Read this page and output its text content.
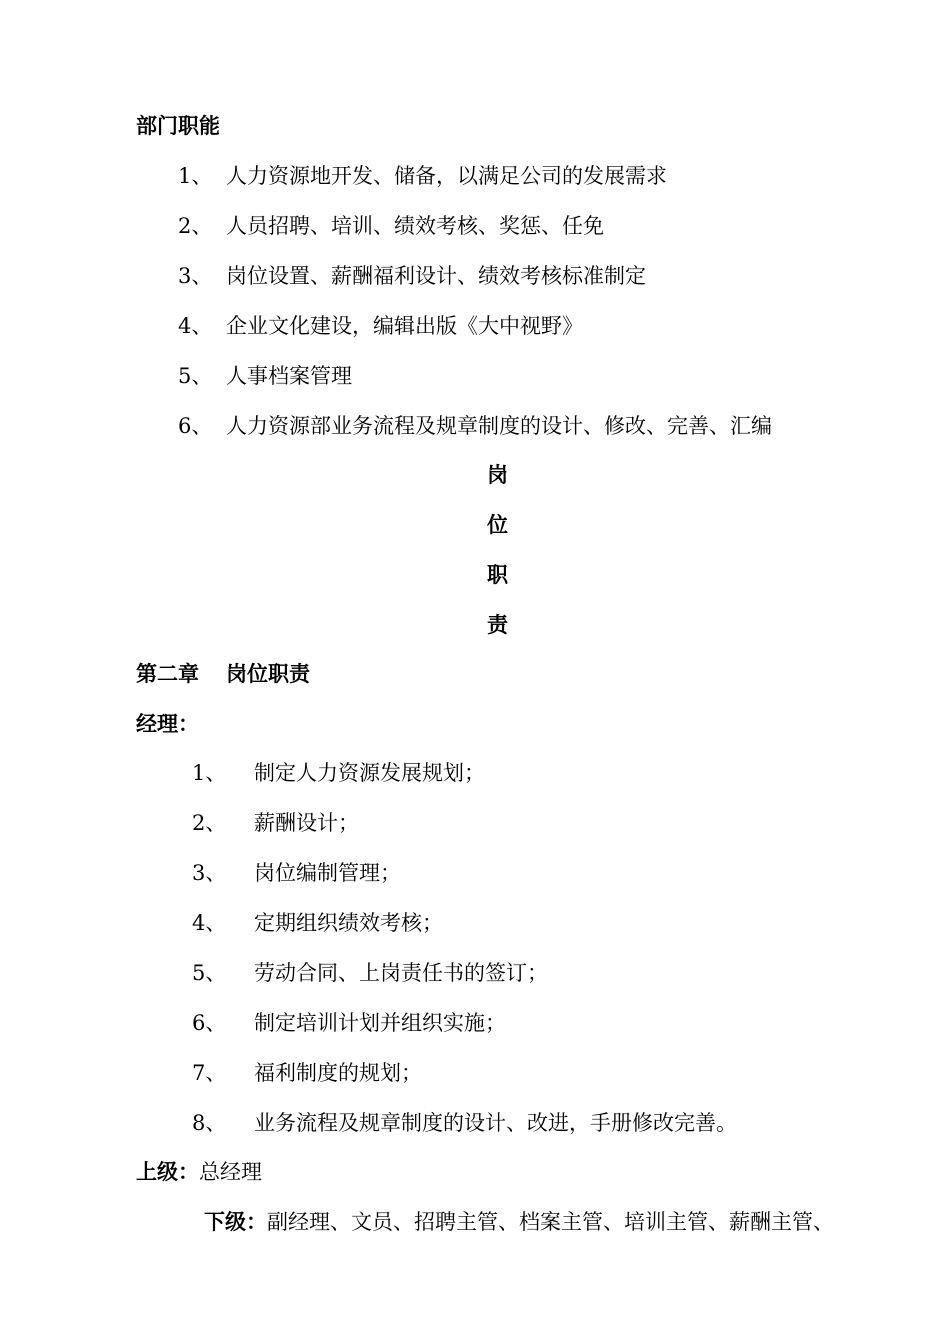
部门职能
1、 人力资源地开发、储备，以满足公司的发展需求
2、 人员招聘、培训、绩效考核、奖惩、任免
3、 岗位设置、薪酬福利设计、绩效考核标准制定
4、 企业文化建设，编辑出版《大中视野》
5、 人事档案管理
6、 人力资源部业务流程及规章制度的设计、修改、完善、汇编
岗
位
职
责
第二章 岗位职责
经理：
1、 制定人力资源发展规划；
2、 薪酬设计；
3、 岗位编制管理；
4、 定期组织绩效考核；
5、 劳动合同、上岗责任书的签订；
6、 制定培训计划并组织实施；
7、 福利制度的规划；
8、 业务流程及规章制度的设计、改进，手册修改完善。
上级：总经理
下级：副经理、文员、招聘主管、档案主管、培训主管、薪酬主管、
